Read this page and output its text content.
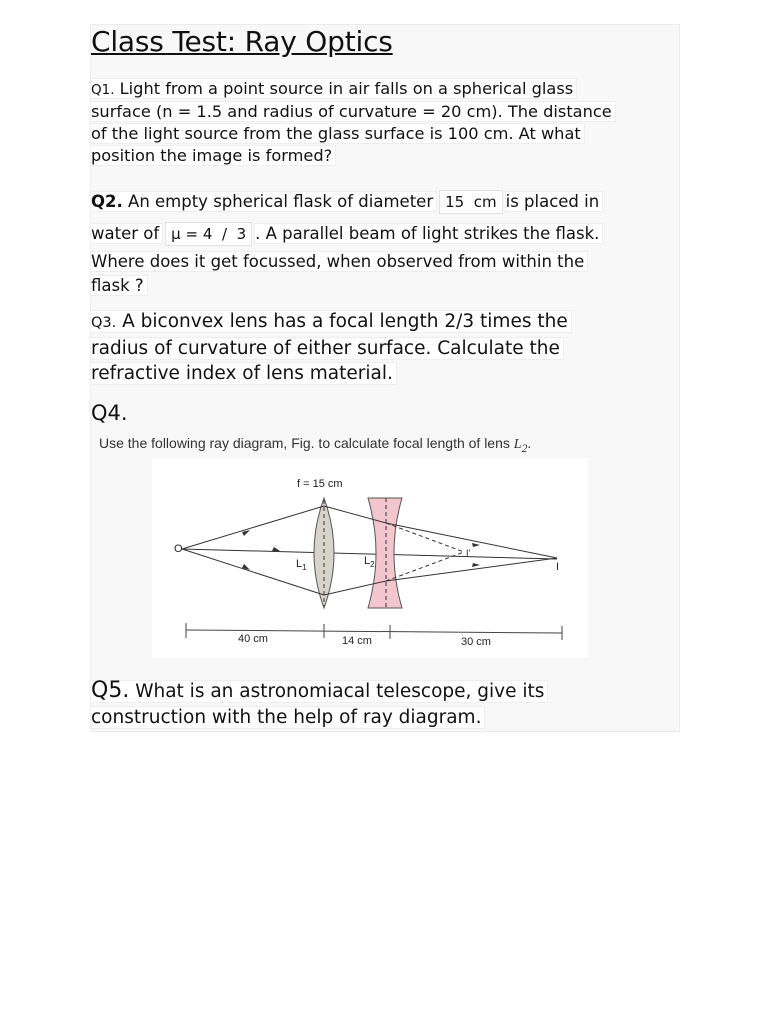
Class Test: Ray Optics
Q1. Light from a point source in air falls on a spherical glass
surface (n = 1.5 and radius of curvature = 20 cm). The distance
of the light source from the glass surface is 100 cm. At what
position the image is formed?
Q2. An empty spherical flask of diameter 15 cm is placed in
water of μ = 4 / 3 . A parallel beam of light strikes the flask.

Where does it get focussed, when observed from within the
flask ?
Q3. A biconvex lens has a focal length 2/3 times the
radius of curvature of either surface. Calculate the
refractive index of lens material.
Q4.
Use the following ray diagram, Fig. to calculate focal length of lens $L_2$.
f = 15 cm
O
$L_1$
$L_2$
I'
I
40 cm	14 cm	30 cm
Q5. What is an astronomiacal telescope, give its
construction with the help of ray diagram.
